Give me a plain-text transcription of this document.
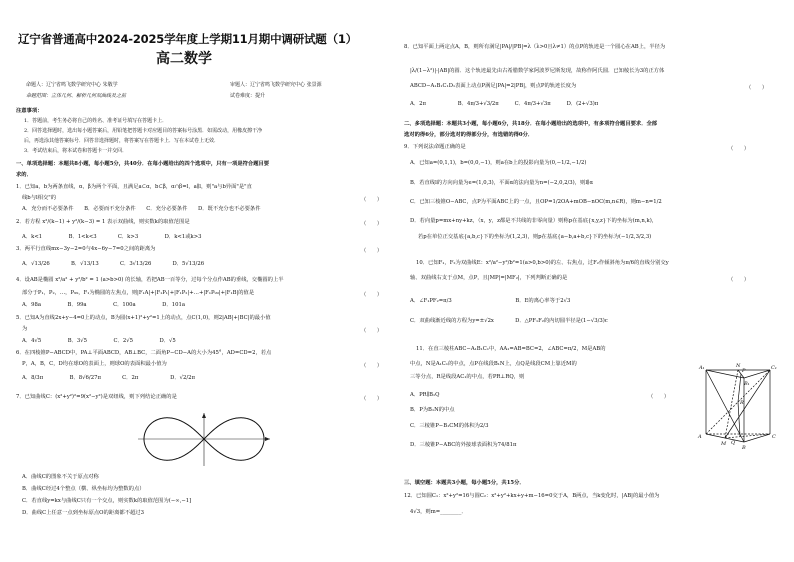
辽宁省普通高中2024-2025学年度上学期11月期中调研试题（1）
高二数学
命题人：辽宁省鸣飞数学研究中心 朱敬学	审题人：辽宁省鸣飞数学研究中心 张景源
命题范围：立体几何、解析几何双曲线及之前	试卷难度：提升
注意事项：
1．答题前，考生务必将自己的姓名、准考证号填写在答题卡上．
2．回答选择题时，选出每小题答案后，用铅笔把答题卡对应题目的答案标号涂黑．如需改动，用橡皮擦干净
后，再选涂其他答案标号．回答非选择题时，将答案写在答题卡上．写在本试卷上无效．
3．考试结束后，将本试卷和答题卡一并交回．
一、单项选择题：本题共8小题，每小题5分，共40分．在每小题给出的四个选项中，只有一项是符合题目要
求的．
1．已知a，b为两条直线，α，β为两个平面，且满足a⊂α，b⊂β，α∩β=l，a∥l，则"a与b异面"是"直
线b与l相交"的	（　　）
A．充分而不必要条件　　B．必要而不充分条件　　C．充分必要条件　　D．既不充分也不必要条件
2．若方程 x²/(k−1) + y²/(k−3) = 1 表示双曲线，则实数k的取值范围是	（　　）
A．k<1　　　　　B．1<k<3　　　　C．k>3　　　　　D．k<1或k>3
3．两平行直线mx−3y−2=0与4x−6y−7=0之间的距离为	（　　）
A．√13/26　　　　B．√13/13　　　　C．3√13/26　　　　D．5√13/26
4．设AB是椭圆 x²/a² + y²/b² = 1 (a>b>0) 的长轴，若把AB一百等分，过每个分点作AB的垂线，交椭圆的上半
部分于P₁，P₂，…，P₉₉，F₁为椭圆的左焦点，则|F₁A|+|F₁P₁|+|F₁P₂|+…+|F₁P₉₉|+|F₁B|的值是	（　　）
A．98a　　　　　B．99a　　　　　C．100a　　　　　D．101a
5．已知A为直线2x+y−4=0上的动点，B为圆(x+1)²+y²=1上的动点，点C(1,0)，则2|AB|+|BC|的最小值
为	（　　）
A．4√5　　　　　B．3√5　　　　　C．2√5　　　　　D．√5
6．在四棱锥P−ABCD中，PA⊥平面ABCD，AB⊥BC，二面角P−CD−A的大小为45°，AD=CD=2，若点
P，A，B，C，D均在球O的表面上，则球O的表面积最小值为	（　　）
A．8/3π　　　　　B．8√6/27π　　　　C．2π　　　　　　D．√2/2π
7．已知曲线C：(x²+y²)²=9(x²−y²)是双纽线，则下列结论正确的是	（　　）
A．曲线C的图象不关于原点对称
B．曲线C经过4个整点（横、纵坐标均为整数的点）
C．若直线y=kx与曲线C只有一个交点，则实数k的取值范围为(−∞,−1]
D．曲线C上任意一点到坐标原点O的距离都不超过3
8．已知平面上两定点A，B，则所有满足|PA|/|PB|=λ（λ>0且λ≠1）的点P的轨迹是一个圆心在AB上，半径为
|λ/(1−λ²)|·|AB|的圆．这个轨迹最先由古希腊数学家阿波罗尼斯发现，故称作阿氏圆．已知棱长为3的正方体
ABCD−A₁B₁C₁D₁表面上动点P满足|PA|=2|PB|，则点P的轨迹长度为	（　　）
A．2π　　　　　　B．4π/3+√3/2π　　　C．4π/3+√3π　　　D．(2+√3)π
二、多项选择题：本题共3小题，每小题6分，共18分．在每小题给出的选项中，有多项符合题目要求．全部
选对的得6分，部分选对的得部分分，有选错的得0分．
9．下列说法命题正确的是	（　　）
A．已知a=(0,1,1)，b=(0,0,−1)，则a在b上的投影向量为(0,−1/2,−1/2)
B．若直线l的方向向量为e=(1,0,3)，平面α的法向量为n=(−2,0,2/3)，则l∥α
C．已知三棱锥O−ABC，点P为平面ABC上的一点，且OP=1/2OA+mOB−nOC(m,n∈R)，则m−n=1/2
D．若向量p=mx+ny+kz，（x，y，z都是不共线的非零向量）则称p在基底{x,y,z}下的坐标为(m,n,k)，
若p在单位正交基底{a,b,c}下的坐标为(1,2,3)，则p在基底{a−b,a+b,c}下的坐标为(−1/2,3/2,3)
10．已知F₁，F₂为双曲线E：x²/a²−y²/b²=1(a>0,b>0)的左、右焦点，过F₂作倾斜角为π/6的直线分别交y
轴、双曲线右支于点M，点P，且|MP|=|MF₂|，下列判断正确的是	（　　）
A．∠F₁PF₂=π/3　　　　　　　　　　　　B．E的离心率等于2√3
C．双曲线渐近线的方程为y=±√2x　　　　D．△PF₁F₂的内切圆半径是(1−√3/3)c
11．在直三棱柱ABC−A₁B₁C₁中，AA₁=AB=BC=2，∠ABC=π/2，M是AB的
中点，N是A₁C₁的中点，点P在线段B₁N上，点Q是线段CM上靠近M的
三等分点，R是线段AC₁的中点，若PR⊥RQ，则
（　　）
A．PR∥B₁Q
B．P为B₁N的中点
C．三棱锥P−B₁CM的体积为2/3
D．三棱锥P−ABC的外接球表面积为74/81π
A₁
B₁
C₁
N
P
R
A
M Q
B
C
三、填空题：本题共3小题，每小题5分，共15分．
12．已知圆C₁：x²+y²=16与圆C₂：x²+y²+kx+y+m−16=0交于A，B两点，当k变化时，|AB|的最小值为
4√3，则m=________．
